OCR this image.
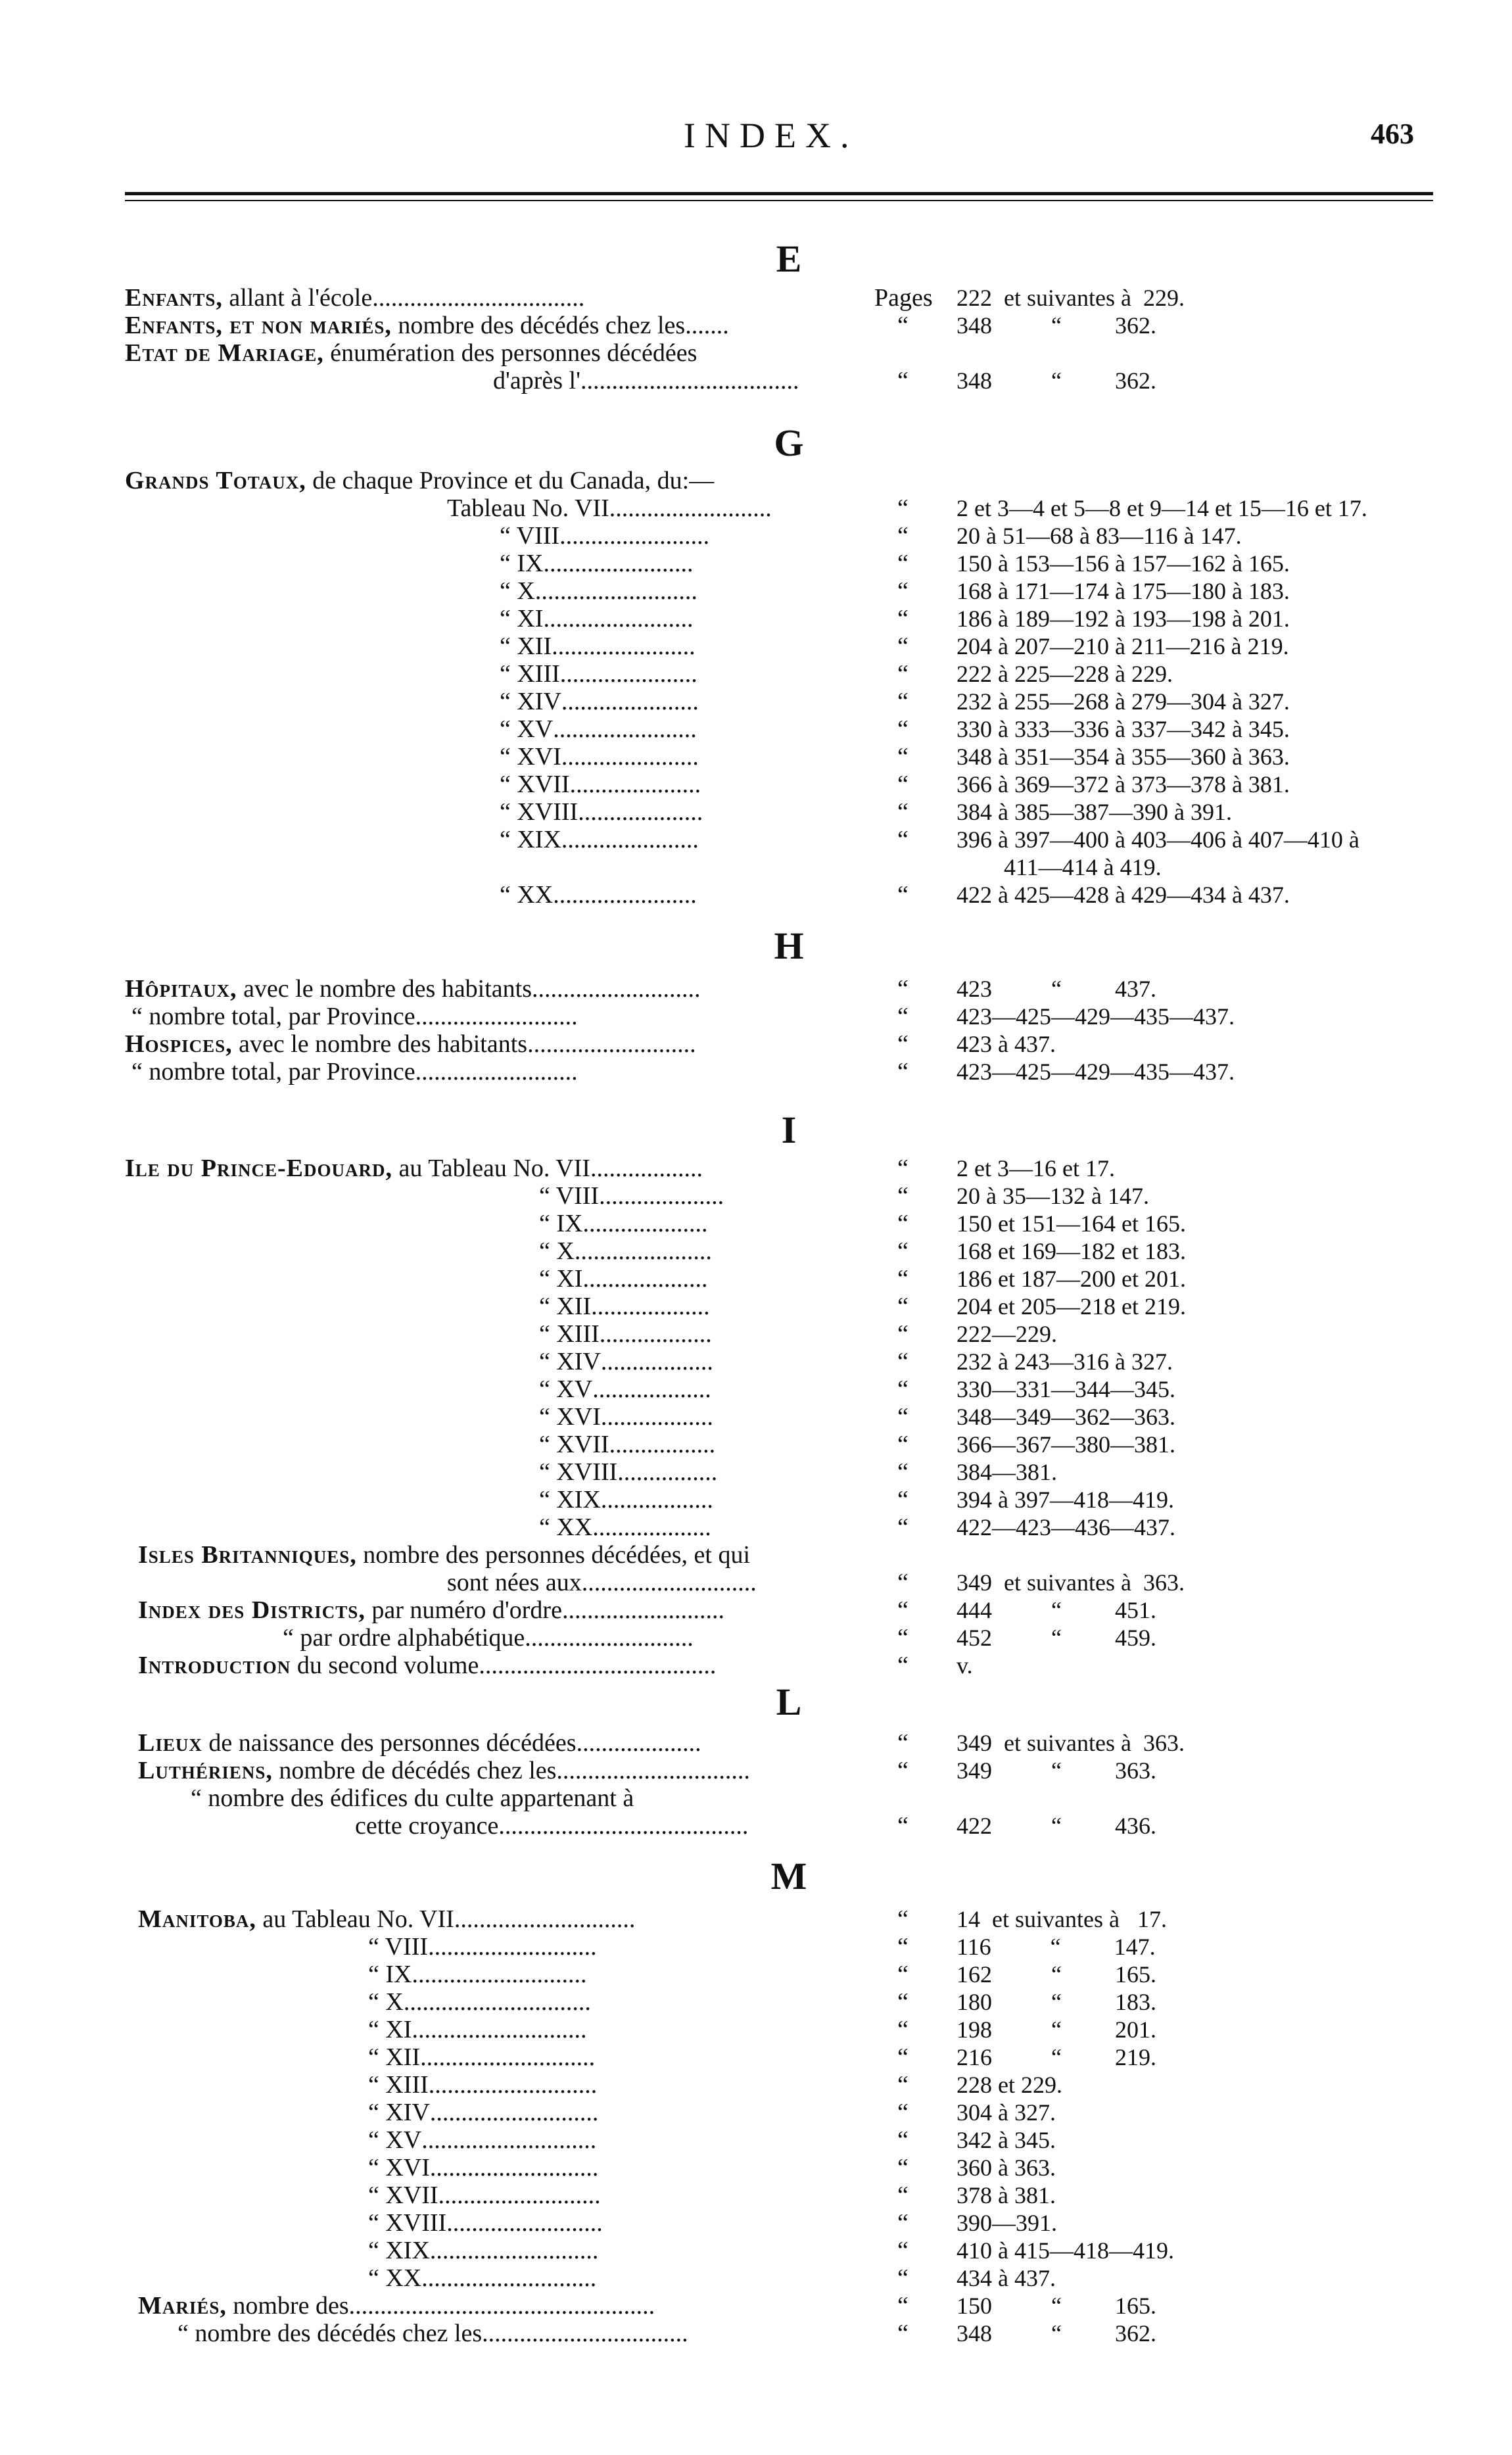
INDEX.	463
E
G
H
I
L
M
Enfants, allant à l'école..................................	Pages 222  et suivantes à  229.
Enfants, et non mariés, nombre des décédés chez les.......	“ 348          “         362.
Etat de Mariage, énumération des personnes décédées
d'après l'...................................	“ 348          “         362.
Grands Totaux, de chaque Province et du Canada, du:—
Tableau No. VII..........................	“ 2 et 3—4 et 5—8 et 9—14 et 15—16 et 17.
“ VIII........................	“ 20 à 51—68 à 83—116 à 147.
“ IX........................	“ 150 à 153—156 à 157—162 à 165.
“ X..........................	“ 168 à 171—174 à 175—180 à 183.
“ XI........................	“ 186 à 189—192 à 193—198 à 201.
“ XII.......................	“ 204 à 207—210 à 211—216 à 219.
“ XIII......................	“ 222 à 225—228 à 229.
“ XIV......................	“ 232 à 255—268 à 279—304 à 327.
“ XV.......................	“ 330 à 333—336 à 337—342 à 345.
“ XVI......................	“ 348 à 351—354 à 355—360 à 363.
“ XVII.....................	“ 366 à 369—372 à 373—378 à 381.
“ XVIII....................	“ 384 à 385—387—390 à 391.
“ XIX......................	“ 396 à 397—400 à 403—406 à 407—410 à
411—414 à 419.
“ XX.......................	“ 422 à 425—428 à 429—434 à 437.
Hôpitaux, avec le nombre des habitants...........................	“ 423          “         437.
“ nombre total, par Province..........................	“ 423—425—429—435—437.
Hospices, avec le nombre des habitants...........................	“ 423 à 437.
“ nombre total, par Province..........................	“ 423—425—429—435—437.
Ile du Prince-Edouard, au Tableau No. VII..................	“ 2 et 3—16 et 17.
“ VIII....................	“ 20 à 35—132 à 147.
“ IX....................	“ 150 et 151—164 et 165.
“ X......................	“ 168 et 169—182 et 183.
“ XI....................	“ 186 et 187—200 et 201.
“ XII...................	“ 204 et 205—218 et 219.
“ XIII..................	“ 222—229.
“ XIV..................	“ 232 à 243—316 à 327.
“ XV...................	“ 330—331—344—345.
“ XVI..................	“ 348—349—362—363.
“ XVII.................	“ 366—367—380—381.
“ XVIII................	“ 384—381.
“ XIX..................	“ 394 à 397—418—419.
“ XX...................	“ 422—423—436—437.
Isles Britanniques, nombre des personnes décédées, et qui
sont nées aux............................	“ 349  et suivantes à  363.
Index des Districts, par numéro d'ordre..........................	“ 444          “         451.
“ par ordre alphabétique...........................	“ 452          “         459.
Introduction du second volume......................................	“ v.
Lieux de naissance des personnes décédées....................	“ 349  et suivantes à  363.
Luthériens, nombre de décédés chez les...............................	“ 349          “         363.
“ nombre des édifices du culte appartenant à
cette croyance........................................	“ 422          “         436.
Manitoba, au Tableau No. VII.............................	“ 14  et suivantes à   17.
“ VIII...........................	“ 116          “         147.
“ IX............................	“ 162          “         165.
“ X..............................	“ 180          “         183.
“ XI............................	“ 198          “         201.
“ XII............................	“ 216          “         219.
“ XIII...........................	“ 228 et 229.
“ XIV...........................	“ 304 à 327.
“ XV............................	“ 342 à 345.
“ XVI...........................	“ 360 à 363.
“ XVII..........................	“ 378 à 381.
“ XVIII.........................	“ 390—391.
“ XIX...........................	“ 410 à 415—418—419.
“ XX............................	“ 434 à 437.
Mariés, nombre des.................................................	“ 150          “         165.
“ nombre des décédés chez les.................................	“ 348          “         362.
